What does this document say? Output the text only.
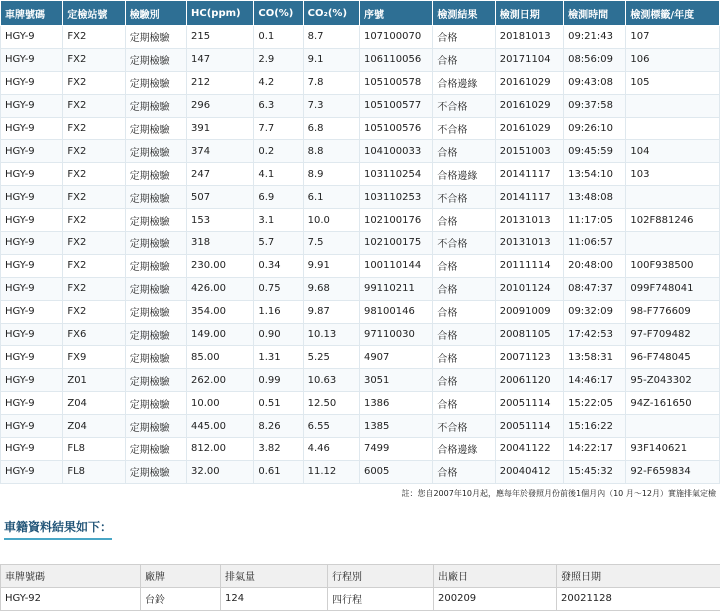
車牌號碼	定檢站號	檢驗別	HC(ppm)	CO(%)	CO₂(%)	序號	檢測結果	檢測日期	檢測時間	檢測標籤/年度
HGY-9	FX2	定期檢驗	215	0.1	8.7	107100070	合格	20181013	09:21:43	107
HGY-9	FX2	定期檢驗	147	2.9	9.1	106110056	合格	20171104	08:56:09	106
HGY-9	FX2	定期檢驗	212	4.2	7.8	105100578	合格邊緣	20161029	09:43:08	105
HGY-9	FX2	定期檢驗	296	6.3	7.3	105100577	不合格	20161029	09:37:58	
HGY-9	FX2	定期檢驗	391	7.7	6.8	105100576	不合格	20161029	09:26:10	
HGY-9	FX2	定期檢驗	374	0.2	8.8	104100033	合格	20151003	09:45:59	104
HGY-9	FX2	定期檢驗	247	4.1	8.9	103110254	合格邊緣	20141117	13:54:10	103
HGY-9	FX2	定期檢驗	507	6.9	6.1	103110253	不合格	20141117	13:48:08	
HGY-9	FX2	定期檢驗	153	3.1	10.0	102100176	合格	20131013	11:17:05	102F881246
HGY-9	FX2	定期檢驗	318	5.7	7.5	102100175	不合格	20131013	11:06:57	
HGY-9	FX2	定期檢驗	230.00	0.34	9.91	100110144	合格	20111114	20:48:00	100F938500
HGY-9	FX2	定期檢驗	426.00	0.75	9.68	99110211	合格	20101124	08:47:37	099F748041
HGY-9	FX2	定期檢驗	354.00	1.16	9.87	98100146	合格	20091009	09:32:09	98-F776609
HGY-9	FX6	定期檢驗	149.00	0.90	10.13	97110030	合格	20081105	17:42:53	97-F709482
HGY-9	FX9	定期檢驗	85.00	1.31	5.25	4907	合格	20071123	13:58:31	96-F748045
HGY-9	Z01	定期檢驗	262.00	0.99	10.63	3051	合格	20061120	14:46:17	95-Z043302
HGY-9	Z04	定期檢驗	10.00	0.51	12.50	1386	合格	20051114	15:22:05	94Z-161650
HGY-9	Z04	定期檢驗	445.00	8.26	6.55	1385	不合格	20051114	15:16:22	
HGY-9	FL8	定期檢驗	812.00	3.82	4.46	7499	合格邊緣	20041122	14:22:17	93F140621
HGY-9	FL8	定期檢驗	32.00	0.61	11.12	6005	合格	20040412	15:45:32	92-F659834
註：您自2007年10月起，應每年於發照月份前後1個月內（10 月～12月）實施排氣定檢
車籍資料結果如下：
車牌號碼	廠牌	排氣量	行程別	出廠日	發照日期
HGY-92	台鈴	124	四行程	200209	20021128
